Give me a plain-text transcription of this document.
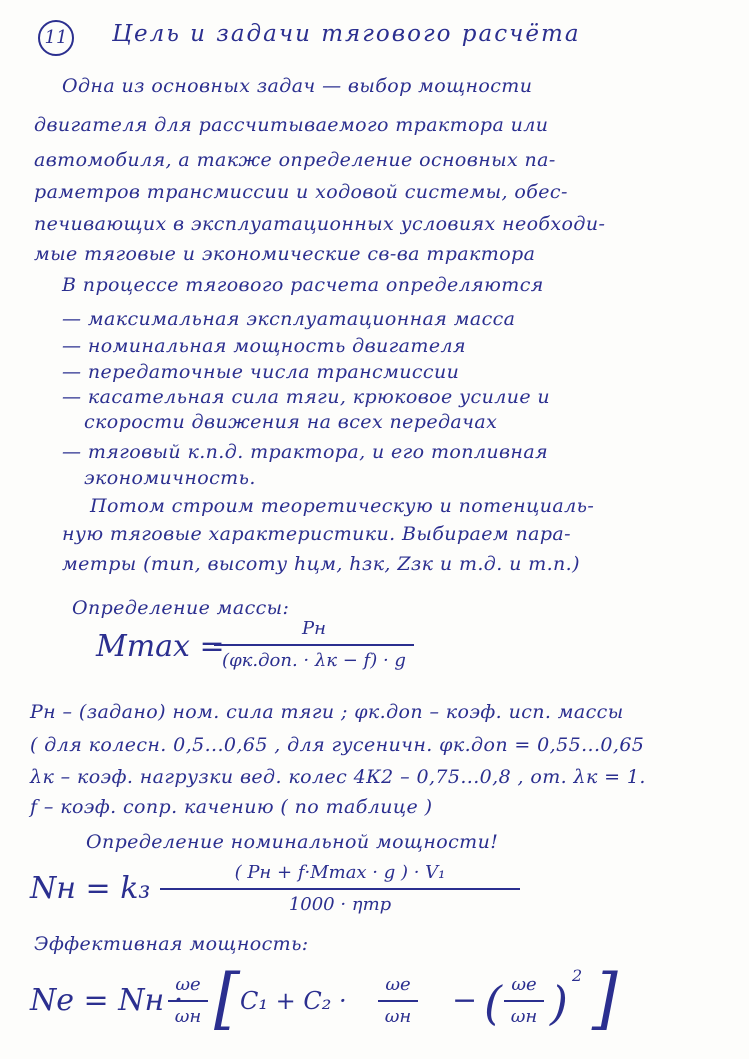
11 Цель и задачи тягового расчёта
Одна из основных задач — выбор мощности
двигателя для рассчитываемого трактора или
автомобиля, а также определение основных па-
раметров трансмиссии и ходовой системы, обес-
печивающих в эксплуатационных условиях необходи-
мые тяговые и экономические св-ва трактора
В процессе тягового расчета определяются
— максимальная эксплуатационная масса
— номинальная мощность двигателя
— передаточные числа трансмиссии
— касательная сила тяги, крюковое усилие и
скорости движения на всех передачах
— тяговый к.п.д. трактора, и его топливная
экономичность.
Потом строим теоретическую и потенциаль-
ную тяговые характеристики. Выбираем пара-
метры (тип, высоту hцм, hзк, Zзк и т.д. и т.п.)
Определение массы:
Mmax =
Pн
(φк.доп. · λк − f) · g
Pн – (задано) ном. сила тяги ; φк.доп – коэф. исп. массы
( для колесн. 0,5...0,65 , для гусеничн. φк.доп = 0,55...0,65
λк – коэф. нагрузки вед. колес 4К2 – 0,75...0,8 , от. λк = 1.
f – коэф. сопр. качению ( по таблице )
Определение номинальной мощности!
Nн = k₃	( Pн + f·Mmax · g ) · V₁
1000 · ηтр
Эффективная мощность:
Ne = Nн ·
ωe
ωн [ C₁ + C₂ ·
ωe
ωн − ( ωe
ωн )
2 ]
